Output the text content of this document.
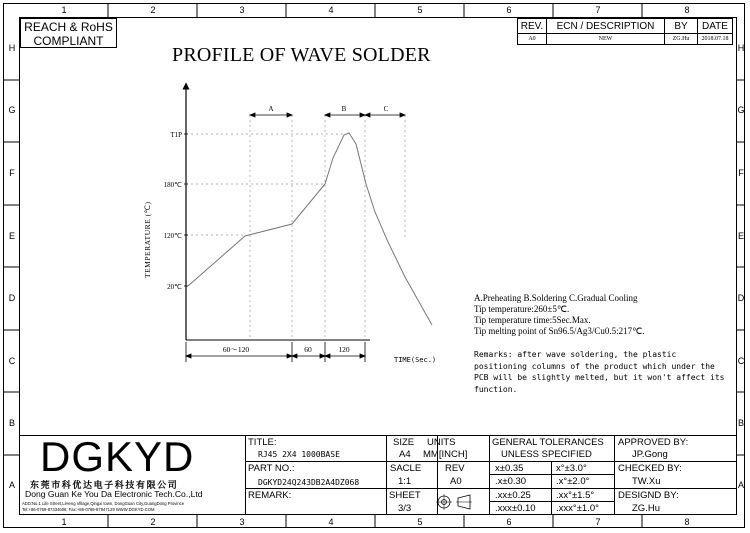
1	2	3	4	5	6	7	8
1	2	3	4	5	6	7	8
H
G
F
E
D
C
B
A
H
G
F
E
D
C
B
A
REACH & RoHS
COMPLIANT
REV.	ECN / DESCRIPTION	BY	DATE
A0	NEW	ZG.Hu	2018.07.18
PROFILE OF WAVE SOLDER
T1P
180℃
120℃
20℃
TEMPERATURE (℃)
TIME(Sec.)
A	B	C
60～120	60	120
A.Preheating B.Soldering C.Gradual Cooling
Tip temperature:260±5℃.
Tip temperature time:5Sec.Max.
Tip melting point of Sn96.5/Ag3/Cu0.5:217℃.
Remarks: after wave soldering, the plastic positioning columns of the product which under the PCB will be slightly melted, but it won't affect its function.
DGKYD
东莞市科优达电子科技有限公司
Dong Guan Ke You Da Electronic Tech.Co.,Ltd
ADD:No.1 Life Street,LiHeng Village,Qingxi town, DongGuan City,GuangDong Province
Tel:+86-0769-87334606; Fax:+86-0769-87847129 WWW.DGKYD.COM
TITLE:
RJ45 2X4 1000BASE
PART NO.:
DGKYD24Q243DB2A4DZ068
REMARK:
SIZE
A4
UNITS
MM[INCH]
SACLE
1:1
REV
A0
SHEET
3/3
GENERAL TOLERANCES
UNLESS SPECIFIED
x±0.35	x°±3.0°
.x±0.30	.x°±2.0°
.xx±0.25	.xx°±1.5°
.xxx±0.10 .xxx°±1.0°
APPROVED BY:
JP.Gong
CHECKED BY:
TW.Xu
DESIGND BY:
ZG.Hu
